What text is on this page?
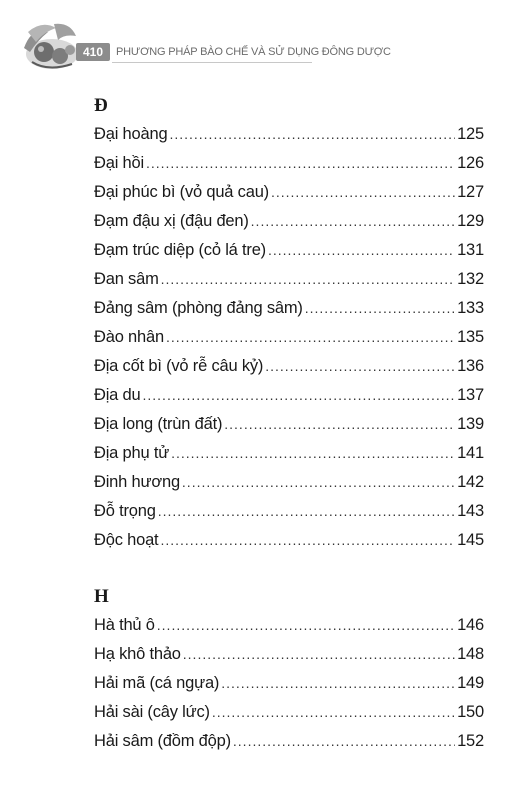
410	PHƯƠNG PHÁP BÀO CHẾ VÀ SỬ DỤNG ĐÔNG DƯỢC
Đ
Đại hoàng .....	125
Đại hồi .....	126
Đại phúc bì (vỏ quả cau) .....	127
Đạm đậu xị (đậu đen) .....	129
Đạm trúc diệp (cỏ lá tre) .....	131
Đan sâm .....	132
Đảng sâm (phòng đảng sâm) .....	133
Đào nhân .....	135
Địa cốt bì (vỏ rễ câu kỷ) .....	136
Địa du .....	137
Địa long (trùn đất) .....	139
Địa phụ tử .....	141
Đinh hương .....	142
Đỗ trọng .....	143
Độc hoạt .....	145
H
Hà thủ ô .....	146
Hạ khô thảo .....	148
Hải mã (cá ngựa) .....	149
Hải sài (cây lức) .....	150
Hải sâm (đồm độp) .....	152
